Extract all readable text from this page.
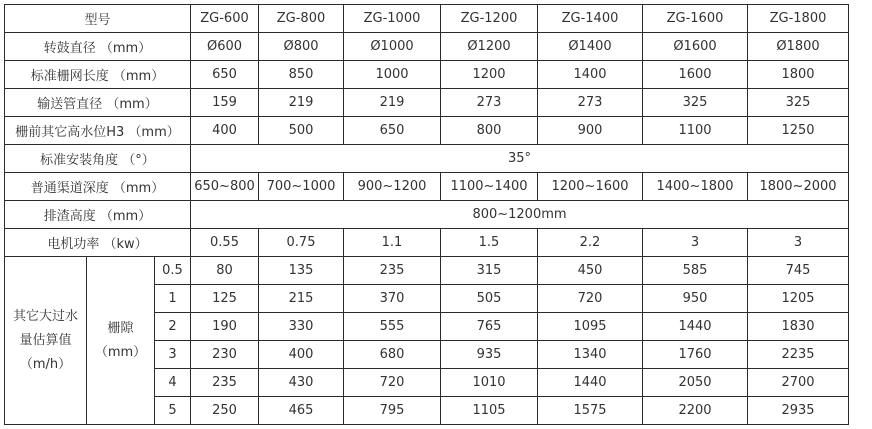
型号			ZG-600	ZG-800	ZG-1000	ZG-1200	ZG-1400	ZG-1600	ZG-1800
转鼓直径 （mm）			Ø600	Ø800	Ø1000	Ø1200	Ø1400	Ø1600	Ø1800
标准栅网长度 （mm）			650	850	1000	1200	1400	1600	1800
输送管直径 （mm）			159	219	219	273	273	325	325
栅前其它高水位H3 （mm）			400	500	650	800	900	1100	1250
标准安装角度 （°）			35°						
普通渠道深度 （mm）			650~800	700~1000	900~1200	1100~1400	1200~1600	1400~1800	1800~2000
排渣高度 （mm）			800~1200mm						
电机功率 （kw）			0.55	0.75	1.1	1.5	2.2	3	3

其它大过水
量估算值
（m/h）	栅隙
（mm）	0.5	80	135	235	315	450	585	745
		1	125	215	370	505	720	950	1205
		2	190	330	555	765	1095	1440	1830
		3	230	400	680	935	1340	1760	2235
		4	235	430	720	1010	1440	2050	2700
		5	250	465	795	1105	1575	2200	2935
